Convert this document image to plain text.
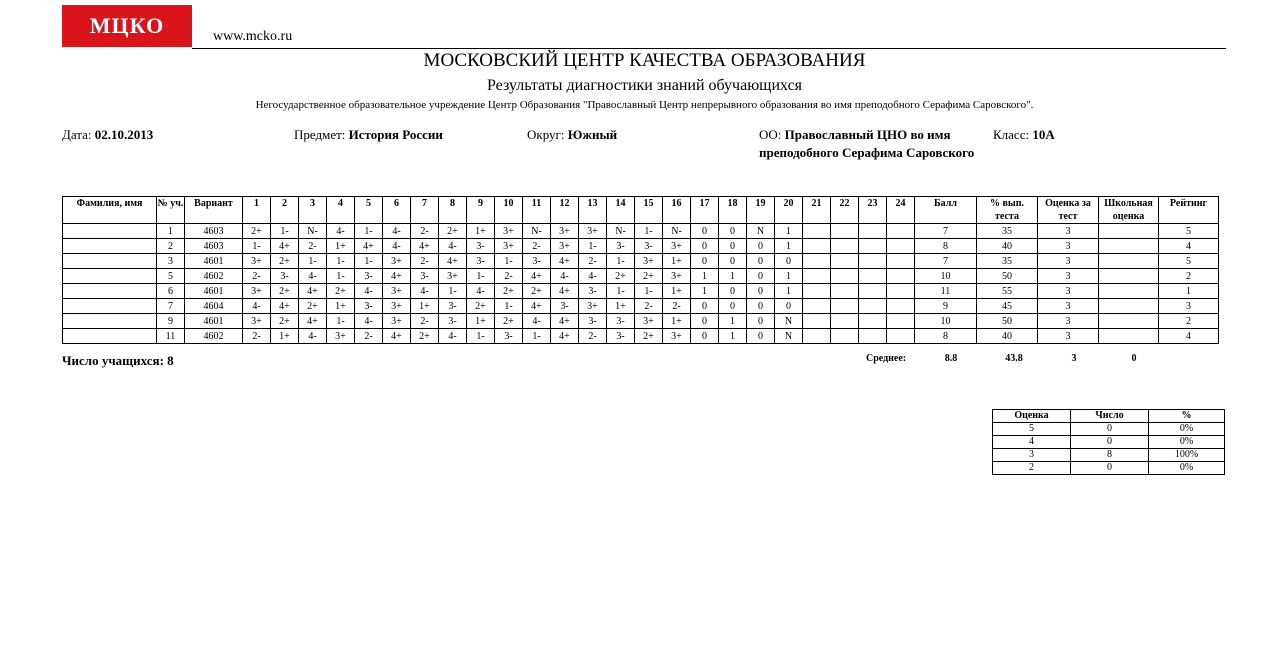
МЦКО	www.mcko.ru
МОСКОВСКИЙ ЦЕНТР КАЧЕСТВА ОБРАЗОВАНИЯ
Результаты диагностики знаний обучающихся
Негосударственное образовательное учреждение Центр Образования "Православный Центр непрерывного образования во имя преподобного Серафима Саровского".
Дата: 02.10.2013	Предмет: История России	Округ: Южный	ОО: Православный ЦНО во имя преподобного Серафима Саровского
Класс: 10А
Фамилия, имя	№ уч.	Вариант	1	2	3	4	5	6	7	8	9	10	11	12	13	14	15	16	17	18	19	20	21	22	23	24	Балл	% вып. теста	Оценка за тест	Школьная оценка	Рейтинг
	1	4603	2+	1-	N-	4-	1-	4-	2-	2+	1+	3+	N-	3+	3+	N-	1-	N-	0	0	N	1					7	35	3		5
	2	4603	1-	4+	2-	1+	4+	4-	4+	4-	3-	3+	2-	3+	1-	3-	3-	3+	0	0	0	1					8	40	3		4
	3	4601	3+	2+	1-	1-	1-	3+	2-	4+	3-	1-	3-	4+	2-	1-	3+	1+	0	0	0	0					7	35	3		5
	5	4602	2-	3-	4-	1-	3-	4+	3-	3+	1-	2-	4+	4-	4-	2+	2+	3+	1	1	0	1					10	50	3		2
	6	4601	3+	2+	4+	2+	4-	3+	4-	1-	4-	2+	2+	4+	3-	1-	1-	1+	1	0	0	1					11	55	3		1
	7	4604	4-	4+	2+	1+	3-	3+	1+	3-	2+	1-	4+	3-	3+	1+	2-	2-	0	0	0	0					9	45	3		3
	9	4601	3+	2+	4+	1-	4-	3+	2-	3-	1+	2+	4-	4+	3-	3-	3+	1+	0	1	0	N					10	50	3		2
	11	4602	2-	1+	4-	3+	2-	4+	2+	4-	1-	3-	1-	4+	2-	3-	2+	3+	0	1	0	N					8	40	3		4
Число учащихся: 8	Среднее:	8.8	43.8	3	0
Оценка	Число	%
5	0	0%
4	0	0%
3	8	100%
2	0	0%
